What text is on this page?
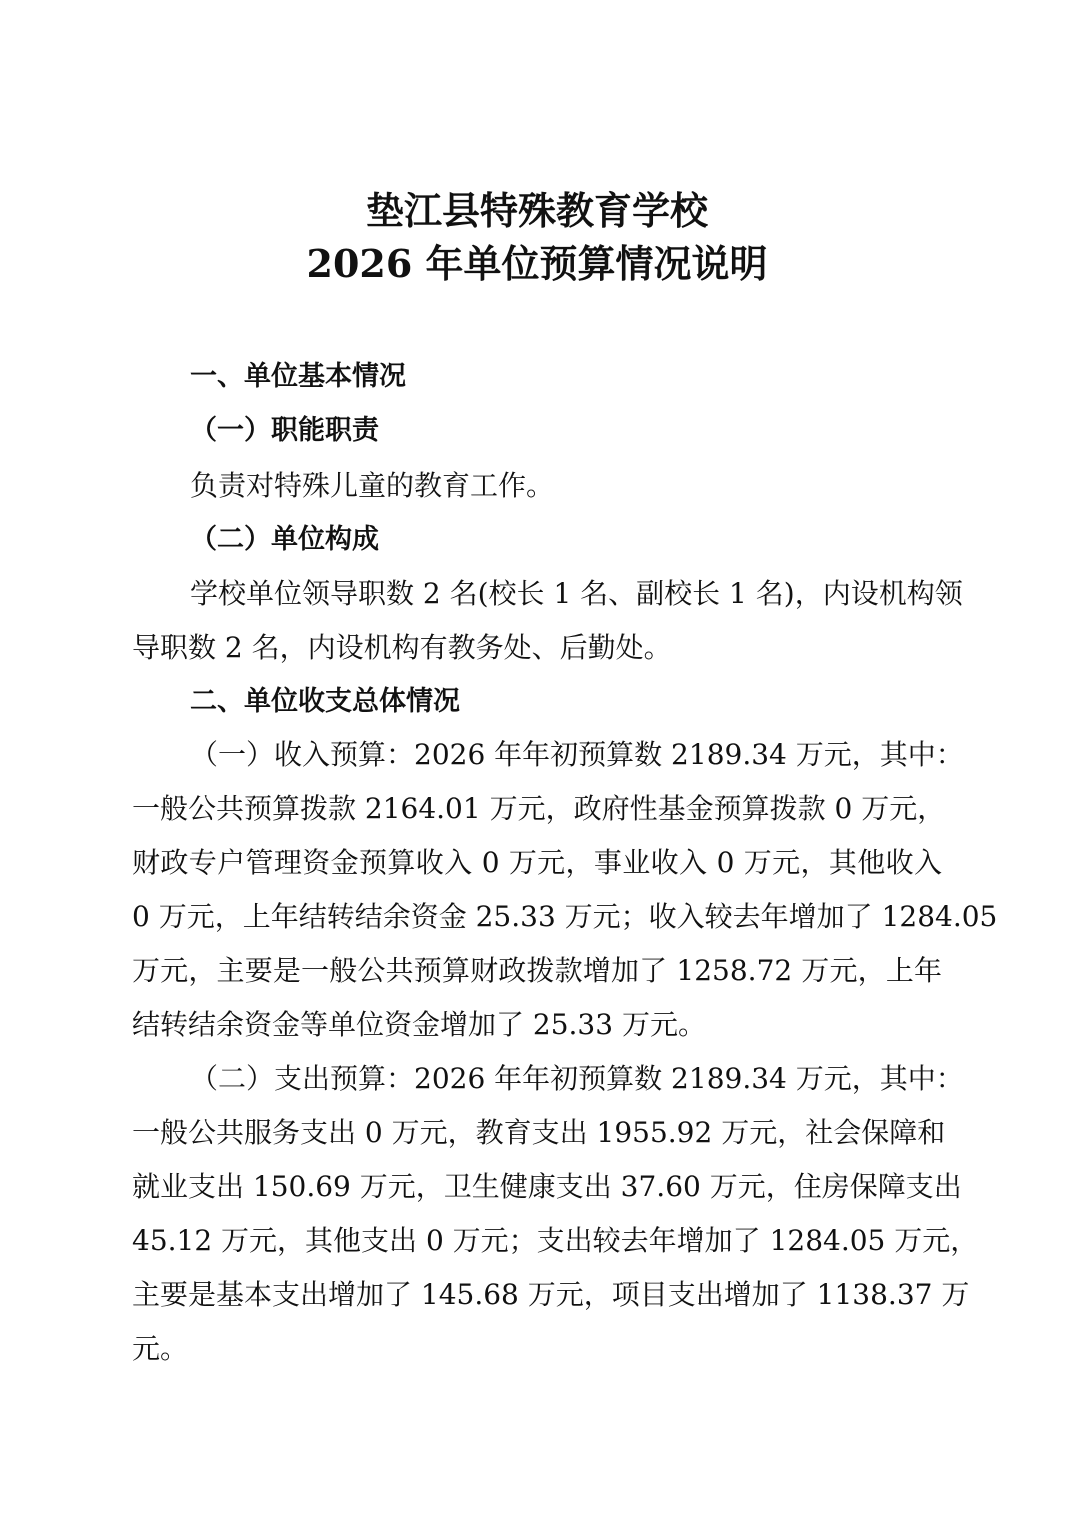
垫江县特殊教育学校
2026 年单位预算情况说明
一、单位基本情况
（一）职能职责
负责对特殊儿童的教育工作。
（二）单位构成
学校单位领导职数 2 名(校长 1 名、副校长 1 名)，内设机构领
导职数 2 名，内设机构有教务处、后勤处。
二、单位收支总体情况
（一）收入预算：2026 年年初预算数 2189.34 万元，其中：
一般公共预算拨款 2164.01 万元，政府性基金预算拨款 0 万元，
财政专户管理资金预算收入 0 万元，事业收入 0 万元，其他收入
0 万元，上年结转结余资金 25.33 万元；收入较去年增加了 1284.05
万元，主要是一般公共预算财政拨款增加了 1258.72 万元，上年
结转结余资金等单位资金增加了 25.33 万元。
（二）支出预算：2026 年年初预算数 2189.34 万元，其中：
一般公共服务支出 0 万元，教育支出 1955.92 万元，社会保障和
就业支出 150.69 万元，卫生健康支出 37.60 万元，住房保障支出
45.12 万元，其他支出 0 万元；支出较去年增加了 1284.05 万元，
主要是基本支出增加了 145.68 万元，项目支出增加了 1138.37 万
元。
